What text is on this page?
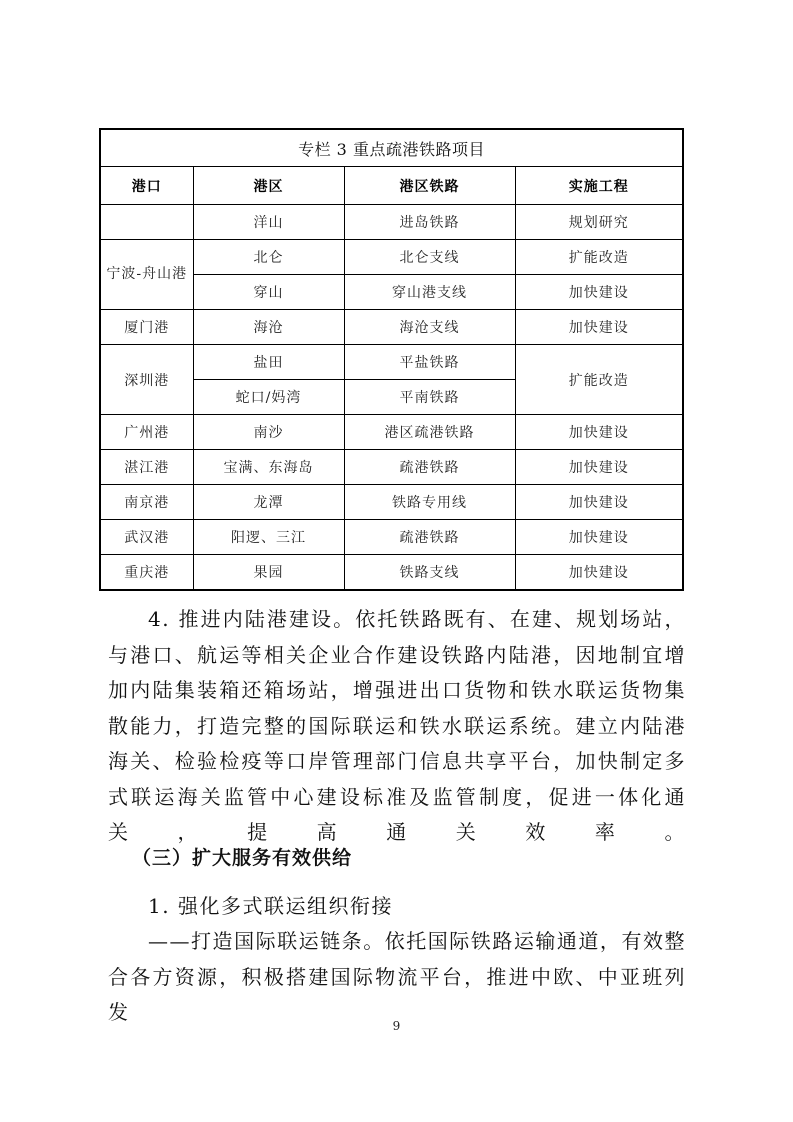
专栏 3 重点疏港铁路项目			
港口	港区	港区铁路	实施工程
	洋山	进岛铁路	规划研究
宁波-舟山港	北仑	北仑支线	扩能改造
	穿山	穿山港支线	加快建设
厦门港	海沧	海沧支线	加快建设
深圳港	盐田	平盐铁路	扩能改造
	蛇口/妈湾	平南铁路	
广州港	南沙	港区疏港铁路	加快建设
湛江港	宝满、东海岛	疏港铁路	加快建设
南京港	龙潭	铁路专用线	加快建设
武汉港	阳逻、三江	疏港铁路	加快建设
重庆港	果园	铁路支线	加快建设

4. 推进内陆港建设。依托铁路既有、在建、规划场站，与港口、航运等相关企业合作建设铁路内陆港，因地制宜增加内陆集装箱还箱场站，增强进出口货物和铁水联运货物集散能力，打造完整的国际联运和铁水联运系统。建立内陆港海关、检验检疫等口岸管理部门信息共享平台，加快制定多式联运海关监管中心建设标准及监管制度，促进一体化通关，提高通关效率。

（三）扩大服务有效供给

1. 强化多式联运组织衔接

——打造国际联运链条。依托国际铁路运输通道，有效整合各方资源，积极搭建国际物流平台，推进中欧、中亚班列发

9
